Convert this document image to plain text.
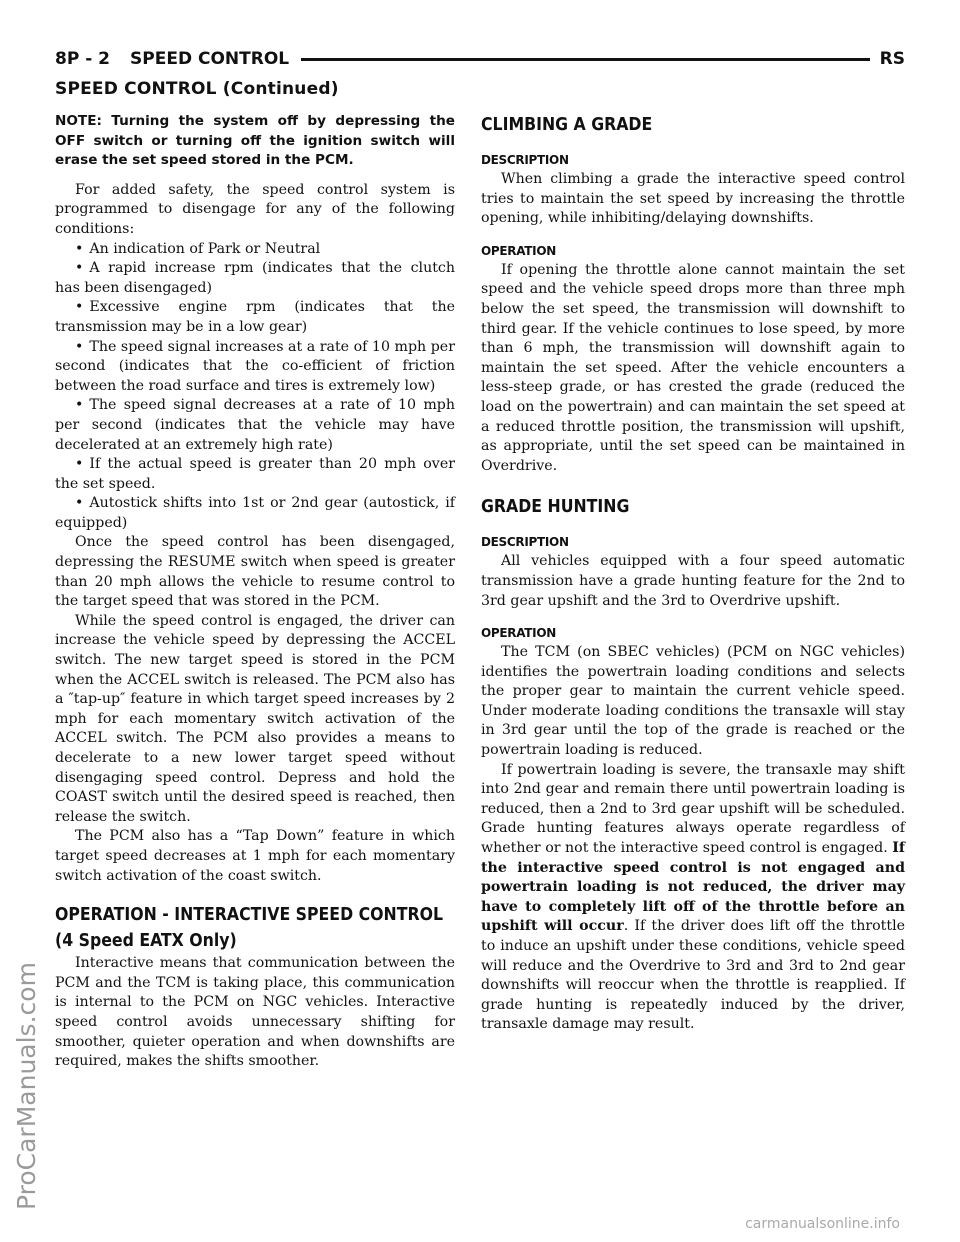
8P - 2 SPEED CONTROL	RS
SPEED CONTROL (Continued)

NOTE: Turning the system off by depressing the OFF switch or turning off the ignition switch will erase the set speed stored in the PCM.

For added safety, the speed control system is programmed to disengage for any of the following conditions:

• An indication of Park or Neutral
• A rapid increase rpm (indicates that the clutch has been disengaged)
• Excessive engine rpm (indicates that the transmission may be in a low gear)
• The speed signal increases at a rate of 10 mph per second (indicates that the co-efficient of friction between the road surface and tires is extremely low)
• The speed signal decreases at a rate of 10 mph per second (indicates that the vehicle may have decelerated at an extremely high rate)
• If the actual speed is greater than 20 mph over the set speed.
• Autostick shifts into 1st or 2nd gear (autostick, if equipped)

Once the speed control has been disengaged, depressing the RESUME switch when speed is greater than 20 mph allows the vehicle to resume control to the target speed that was stored in the PCM.

While the speed control is engaged, the driver can increase the vehicle speed by depressing the ACCEL switch. The new target speed is stored in the PCM when the ACCEL switch is released. The PCM also has a ″tap-up″ feature in which target speed increases by 2 mph for each momentary switch activation of the ACCEL switch. The PCM also provides a means to decelerate to a new lower target speed without disengaging speed control. Depress and hold the COAST switch until the desired speed is reached, then release the switch.

The PCM also has a “Tap Down” feature in which target speed decreases at 1 mph for each momentary switch activation of the coast switch.

OPERATION - INTERACTIVE SPEED CONTROL
(4 Speed EATX Only)

Interactive means that communication between the PCM and the TCM is taking place, this communication is internal to the PCM on NGC vehicles. Interactive speed control avoids unnecessary shifting for smoother, quieter operation and when downshifts are required, makes the shifts smoother.

CLIMBING A GRADE
DESCRIPTION

When climbing a grade the interactive speed control tries to maintain the set speed by increasing the throttle opening, while inhibiting/delaying downshifts.

OPERATION

If opening the throttle alone cannot maintain the set speed and the vehicle speed drops more than three mph below the set speed, the transmission will downshift to third gear. If the vehicle continues to lose speed, by more than 6 mph, the transmission will downshift again to maintain the set speed. After the vehicle encounters a less-steep grade, or has crested the grade (reduced the load on the powertrain) and can maintain the set speed at a reduced throttle position, the transmission will upshift, as appropriate, until the set speed can be maintained in Overdrive.

GRADE HUNTING
DESCRIPTION

All vehicles equipped with a four speed automatic transmission have a grade hunting feature for the 2nd to 3rd gear upshift and the 3rd to Overdrive upshift.

OPERATION

The TCM (on SBEC vehicles) (PCM on NGC vehicles) identifies the powertrain loading conditions and selects the proper gear to maintain the current vehicle speed. Under moderate loading conditions the transaxle will stay in 3rd gear until the top of the grade is reached or the powertrain loading is reduced.

If powertrain loading is severe, the transaxle may shift into 2nd gear and remain there until powertrain loading is reduced, then a 2nd to 3rd gear upshift will be scheduled. Grade hunting features always operate regardless of whether or not the interactive speed control is engaged. If the interactive speed control is not engaged and powertrain loading is not reduced, the driver may have to completely lift off of the throttle before an upshift will occur. If the driver does lift off the throttle to induce an upshift under these conditions, vehicle speed will reduce and the Overdrive to 3rd and 3rd to 2nd gear downshifts will reoccur when the throttle is reapplied. If grade hunting is repeatedly induced by the driver, transaxle damage may result.

ProCarManuals.com
carmanualsonline.info
